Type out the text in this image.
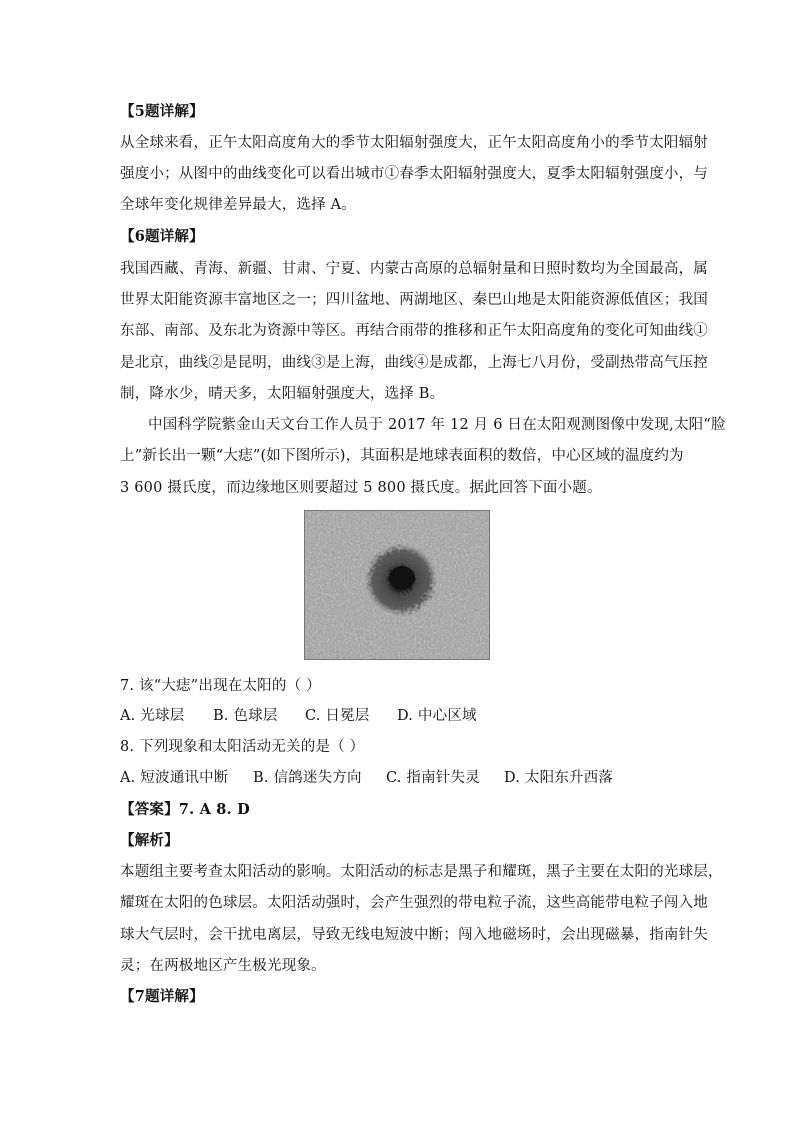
【5题详解】
从全球来看，正午太阳高度角大的季节太阳辐射强度大，正午太阳高度角小的季节太阳辐射
强度小；从图中的曲线变化可以看出城市①春季太阳辐射强度大，夏季太阳辐射强度小，与
全球年变化规律差异最大，选择 A。
【6题详解】
我国西藏、青海、新疆、甘肃、宁夏、内蒙古高原的总辐射量和日照时数均为全国最高，属
世界太阳能资源丰富地区之一；四川盆地、两湖地区、秦巴山地是太阳能资源低值区；我国
东部、南部、及东北为资源中等区。再结合雨带的推移和正午太阳高度角的变化可知曲线①
是北京，曲线②是昆明，曲线③是上海，曲线④是成都，上海七八月份，受副热带高气压控
制，降水少，晴天多，太阳辐射强度大，选择 B。
中国科学院紫金山天文台工作人员于 2017 年 12 月 6 日在太阳观测图像中发现,太阳“脸
上”新长出一颗“大痣”(如下图所示)，其面积是地球表面积的数倍，中心区域的温度约为
3 600 摄氏度，而边缘地区则要超过 5 800 摄氏度。据此回答下面小题。
7. 该“大痣”出现在太阳的（ ）
A. 光球层 B. 色球层 C. 日冕层 D. 中心区域
8. 下列现象和太阳活动无关的是（ ）
A. 短波通讯中断 B. 信鸽迷失方向 C. 指南针失灵 D. 太阳东升西落
【答案】7. A 8. D
【解析】
本题组主要考查太阳活动的影响。太阳活动的标志是黑子和耀斑，黑子主要在太阳的光球层，
耀斑在太阳的色球层。太阳活动强时，会产生强烈的带电粒子流，这些高能带电粒子闯入地
球大气层时，会干扰电离层，导致无线电短波中断；闯入地磁场时，会出现磁暴，指南针失
灵；在两极地区产生极光现象。
【7题详解】
